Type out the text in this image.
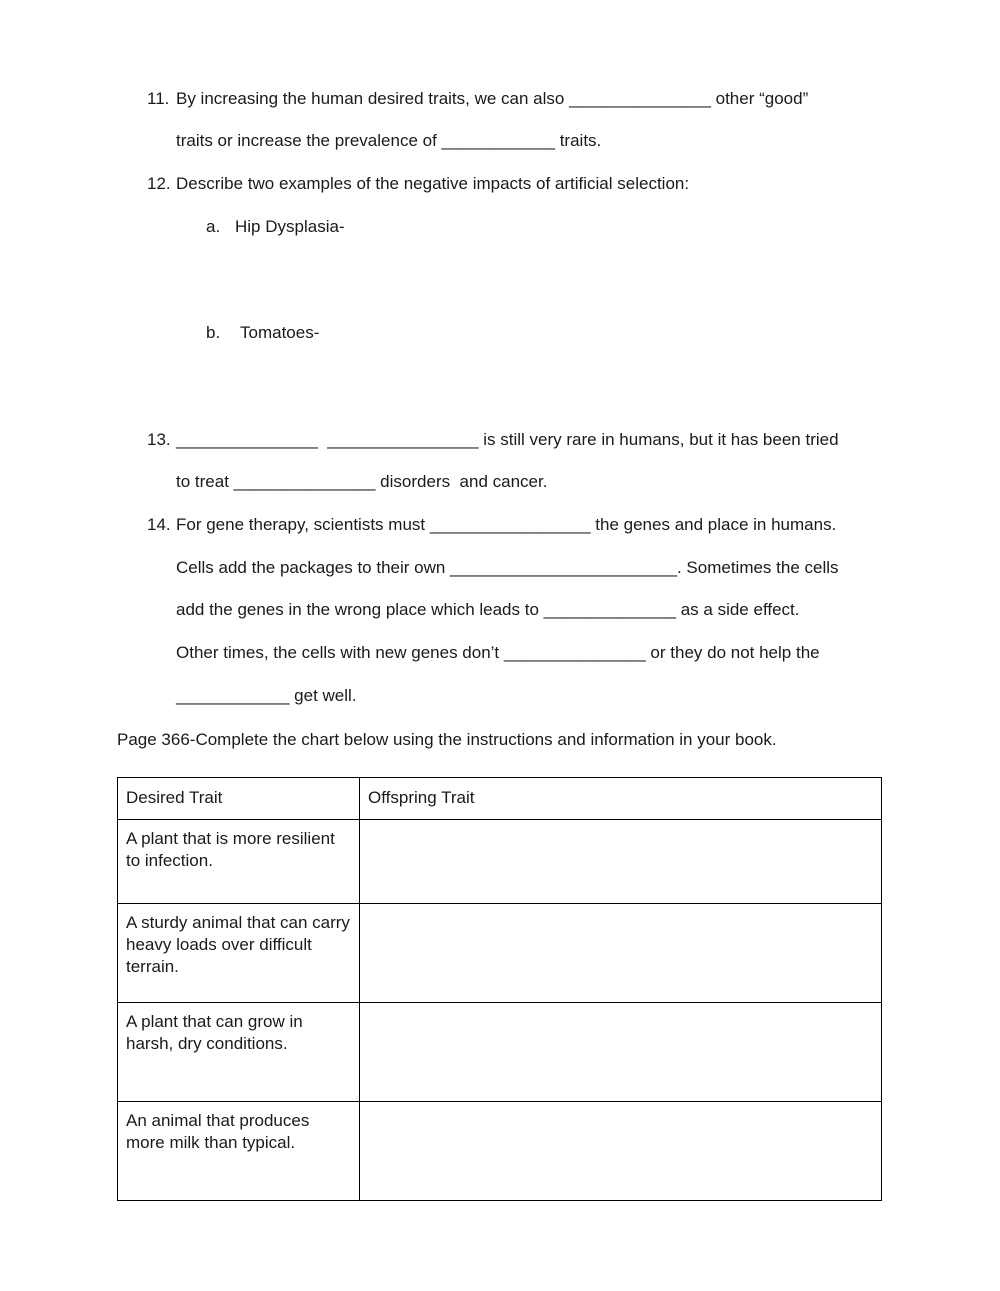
11. By increasing the human desired traits, we can also _______________ other “good”
traits or increase the prevalence of ____________ traits.
12. Describe two examples of the negative impacts of artificial selection:
a. Hip Dysplasia-
b. Tomatoes-
13. _______________  ________________ is still very rare in humans, but it has been tried
to treat _______________ disorders  and cancer.
14. For gene therapy, scientists must _________________ the genes and place in humans.
Cells add the packages to their own ________________________. Sometimes the cells
add the genes in the wrong place which leads to ______________ as a side effect.
Other times, the cells with new genes don’t _______________ or they do not help the
____________ get well.
Page 366-Complete the chart below using the instructions and information in your book.
Desired Trait	Offspring Trait
A plant that is more resilient to infection.	
A sturdy animal that can carry heavy loads over difficult terrain.	
A plant that can grow in harsh, dry conditions.	
An animal that produces more milk than typical.	
